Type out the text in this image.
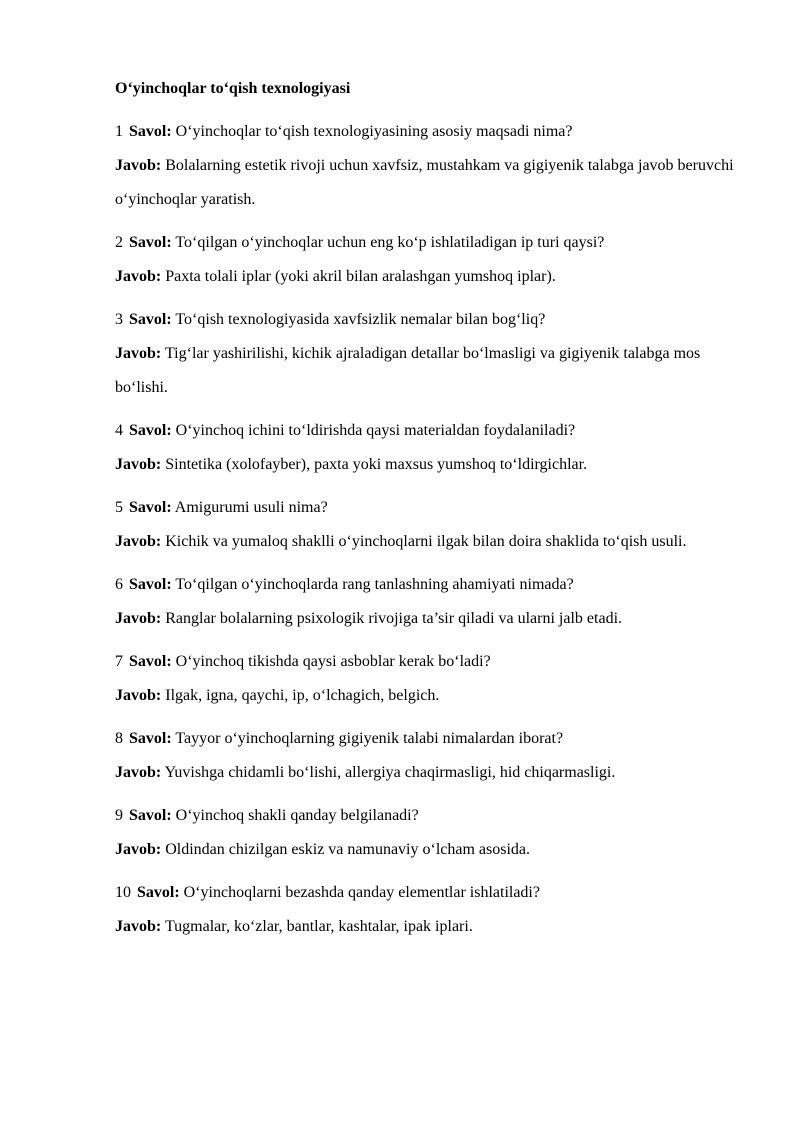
O‘yinchoqlar to‘qish texnologiyasi

1 Savol: O‘yinchoqlar to‘qish texnologiyasining asosiy maqsadi nima?

Javob: Bolalarning estetik rivoji uchun xavfsiz, mustahkam va gigiyenik talabga javob beruvchi o‘yinchoqlar yaratish.

2 Savol: To‘qilgan o‘yinchoqlar uchun eng ko‘p ishlatiladigan ip turi qaysi?

Javob: Paxta tolali iplar (yoki akril bilan aralashgan yumshoq iplar).

3 Savol: To‘qish texnologiyasida xavfsizlik nemalar bilan bog‘liq?

Javob: Tig‘lar yashirilishi, kichik ajraladigan detallar bo‘lmasligi va gigiyenik talabga mos bo‘lishi.

4 Savol: O‘yinchoq ichini to‘ldirishda qaysi materialdan foydalaniladi?

Javob: Sintetika (xolofayber), paxta yoki maxsus yumshoq to‘ldirgichlar.

5 Savol: Amigurumi usuli nima?

Javob: Kichik va yumaloq shaklli o‘yinchoqlarni ilgak bilan doira shaklida to‘qish usuli.

6 Savol: To‘qilgan o‘yinchoqlarda rang tanlashning ahamiyati nimada?

Javob: Ranglar bolalarning psixologik rivojiga ta’sir qiladi va ularni jalb etadi.

7 Savol: O‘yinchoq tikishda qaysi asboblar kerak bo‘ladi?

Javob: Ilgak, igna, qaychi, ip, o‘lchagich, belgich.

8 Savol: Tayyor o‘yinchoqlarning gigiyenik talabi nimalardan iborat?

Javob: Yuvishga chidamli bo‘lishi, allergiya chaqirmasligi, hid chiqarmasligi.

9 Savol: O‘yinchoq shakli qanday belgilanadi?

Javob: Oldindan chizilgan eskiz va namunaviy o‘lcham asosida.

10 Savol: O‘yinchoqlarni bezashda qanday elementlar ishlatiladi?

Javob: Tugmalar, ko‘zlar, bantlar, kashtalar, ipak iplari.
